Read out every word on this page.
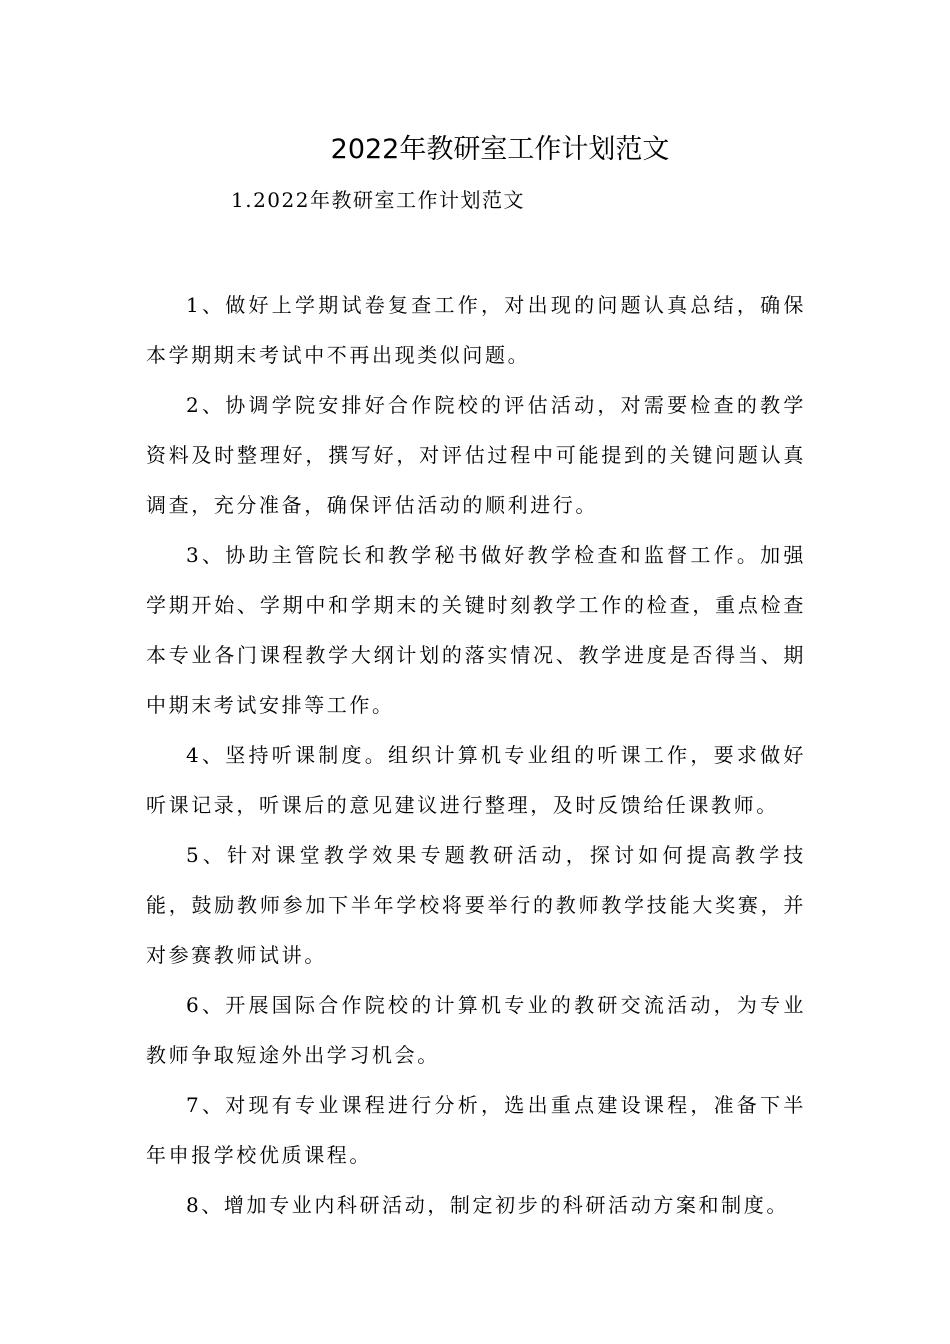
2022年教研室工作计划范文

1.2022年教研室工作计划范文

1、做好上学期试卷复查工作，对出现的问题认真总结，确保本学期期末考试中不再出现类似问题。

2、协调学院安排好合作院校的评估活动，对需要检查的教学资料及时整理好，撰写好，对评估过程中可能提到的关键问题认真调查，充分准备，确保评估活动的顺利进行。

3、协助主管院长和教学秘书做好教学检查和监督工作。加强学期开始、学期中和学期末的关键时刻教学工作的检查，重点检查本专业各门课程教学大纲计划的落实情况、教学进度是否得当、期中期末考试安排等工作。

4、坚持听课制度。组织计算机专业组的听课工作，要求做好听课记录，听课后的意见建议进行整理，及时反馈给任课教师。

5、针对课堂教学效果专题教研活动，探讨如何提高教学技能，鼓励教师参加下半年学校将要举行的教师教学技能大奖赛，并对参赛教师试讲。

6、开展国际合作院校的计算机专业的教研交流活动，为专业教师争取短途外出学习机会。

7、对现有专业课程进行分析，选出重点建设课程，准备下半年申报学校优质课程。

8、增加专业内科研活动，制定初步的科研活动方案和制度。
